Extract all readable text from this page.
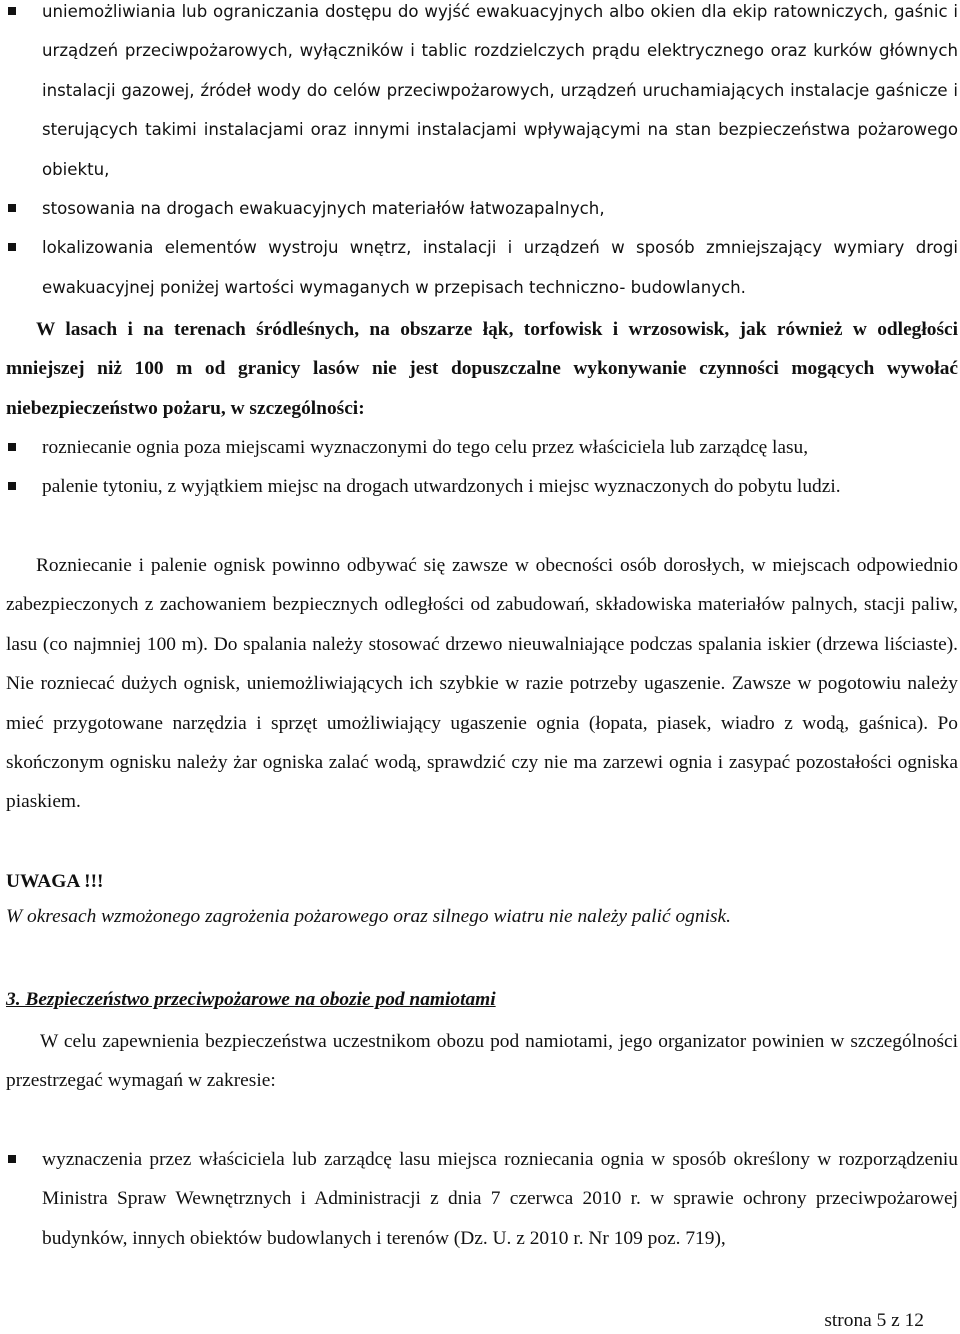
uniemożliwiania lub ograniczania dostępu do wyjść ewakuacyjnych albo okien dla ekip ratowniczych, gaśnic i urządzeń przeciwpożarowych, wyłączników i tablic rozdzielczych prądu elektrycznego oraz kurków głównych instalacji gazowej, źródeł wody do celów przeciwpożarowych, urządzeń uruchamiających instalacje gaśnicze i sterujących takimi instalacjami oraz innymi instalacjami wpływającymi na stan bezpieczeństwa pożarowego obiektu,
stosowania na drogach ewakuacyjnych materiałów łatwozapalnych,
lokalizowania elementów wystroju wnętrz, instalacji i urządzeń w sposób zmniejszający wymiary drogi ewakuacyjnej poniżej wartości wymaganych w przepisach techniczno- budowlanych.

W lasach i na terenach śródleśnych, na obszarze łąk, torfowisk i wrzosowisk, jak również w odległości mniejszej niż 100 m od granicy lasów nie jest dopuszczalne wykonywanie czynności mogących wywołać niebezpieczeństwo pożaru, w szczególności:

rozniecanie ognia poza miejscami wyznaczonymi do tego celu przez właściciela lub zarządcę lasu,
palenie tytoniu, z wyjątkiem miejsc na drogach utwardzonych i miejsc wyznaczonych do pobytu ludzi.

Rozniecanie i palenie ognisk powinno odbywać się zawsze w obecności osób dorosłych, w miejscach odpowiednio zabezpieczonych z zachowaniem bezpiecznych odległości od zabudowań, składowiska materiałów palnych, stacji paliw, lasu (co najmniej 100 m). Do spalania należy stosować drzewo nieuwalniające podczas spalania iskier (drzewa liściaste). Nie rozniecać dużych ognisk, uniemożliwiających ich szybkie w razie potrzeby ugaszenie. Zawsze w pogotowiu należy mieć przygotowane narzędzia i sprzęt umożliwiający ugaszenie ognia (łopata, piasek, wiadro z wodą, gaśnica). Po skończonym ognisku należy żar ogniska zalać wodą, sprawdzić czy nie ma zarzewi ognia i zasypać pozostałości ogniska piaskiem.

UWAGA !!!

W okresach wzmożonego zagrożenia pożarowego oraz silnego wiatru nie należy palić ognisk.

3. Bezpieczeństwo przeciwpożarowe na obozie pod namiotami

W celu zapewnienia bezpieczeństwa uczestnikom obozu pod namiotami, jego organizator powinien w szczególności przestrzegać wymagań w zakresie:

wyznaczenia przez właściciela lub zarządcę lasu miejsca rozniecania ognia w sposób określony w rozporządzeniu Ministra Spraw Wewnętrznych i Administracji z dnia 7 czerwca 2010 r. w sprawie ochrony przeciwpożarowej budynków, innych obiektów budowlanych i terenów (Dz. U. z 2010 r. Nr 109 poz. 719),
strona 5 z 12
